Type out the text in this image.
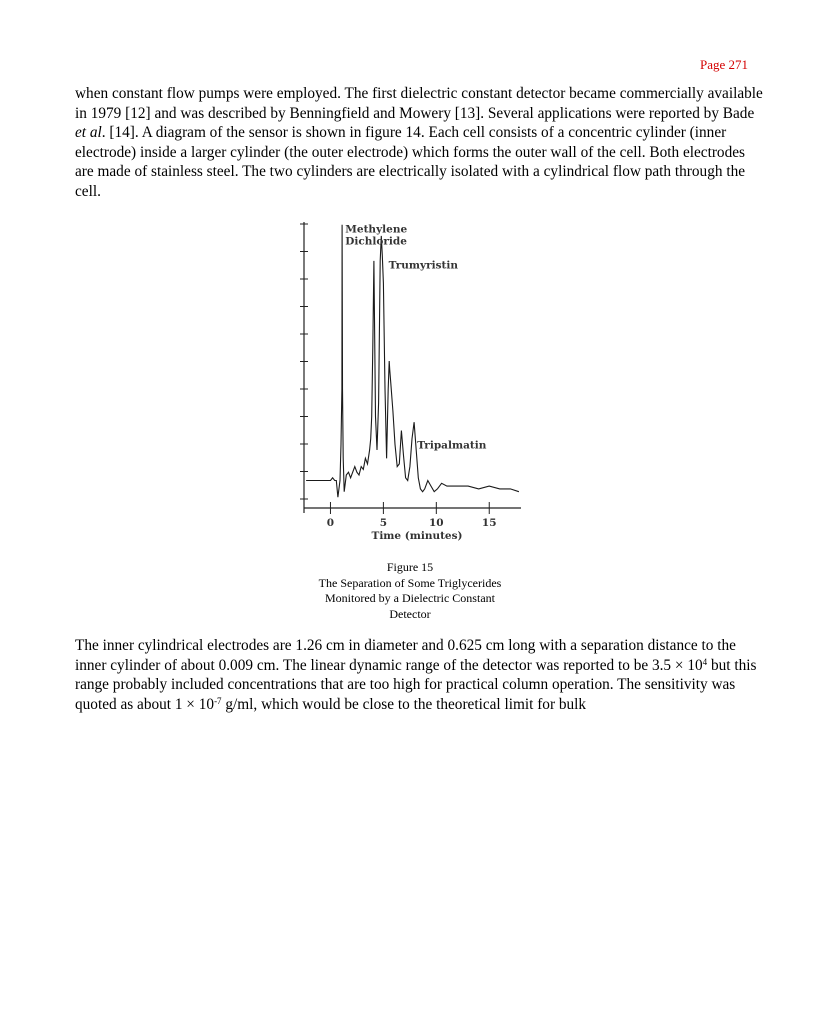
Page 271

when constant flow pumps were employed. The first dielectric constant detector became commercially available in 1979 [12] and was described by Benningfield and Mowery [13]. Several applications were reported by Bade et al. [14]. A diagram of the sensor is shown in figure 14. Each cell consists of a concentric cylinder (inner electrode) inside a larger cylinder (the outer electrode) which forms the outer wall of the cell. Both electrodes are made of stainless steel. The two cylinders are electrically isolated with a cylindrical flow path through the cell.

0	5	10	15
Methylene
Dichloride
Trumyristin
Tripalmatin
Time (minutes)
Figure 15
The Separation of Some Triglycerides
Monitored by a Dielectric Constant
Detector

The inner cylindrical electrodes are 1.26 cm in diameter and 0.625 cm long with a separation distance to the inner cylinder of about 0.009 cm. The linear dynamic range of the detector was reported to be $3.5 \times 10^4$ but this range probably included concentrations that are too high for practical column operation. The sensitivity was quoted as about $1 \times 10^{-7}$ g/ml, which would be close to the theoretical limit for bulk
